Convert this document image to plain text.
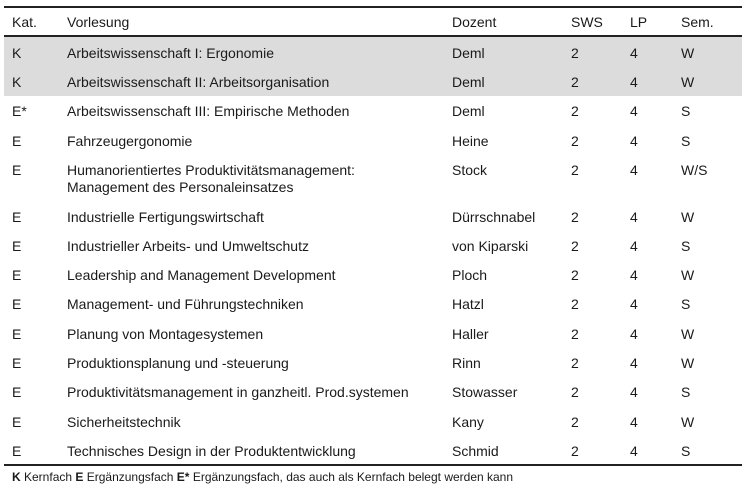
Kat. Vorlesung	Dozent	SWS LP Sem.
K	Arbeitswissenschaft I: Ergonomie	Deml	2	4	W
K	Arbeitswissenschaft II: Arbeitsorganisation	Deml	2	4	W
E*	Arbeitswissenschaft III: Empirische Methoden	Deml	2	4	S
E	Fahrzeugergonomie	Heine	2	4	S
E	Humanorientiertes Produktivitätsmanagement:
Management des Personaleinsatzes
Stock	2	4	W/S
E	Industrielle Fertigungswirtschaft	Dürrschnabel	2	4	W
E	Industrieller Arbeits- und Umweltschutz	von Kiparski	2	4	S
E	Leadership and Management Development	Ploch	2	4	W
E	Management- und Führungstechniken	Hatzl	2	4	S
E	Planung von Montagesystemen	Haller	2	4	W
E	Produktionsplanung und -steuerung	Rinn	2	4	W
E	Produktivitätsmanagement in ganzheitl. Prod.systemen	Stowasser	2	4	S
E	Sicherheitstechnik	Kany	2	4	W
E	Technisches Design in der Produktentwicklung	Schmid	2	4	S
K Kernfach E Ergänzungsfach E* Ergänzungsfach, das auch als Kernfach belegt werden kann
